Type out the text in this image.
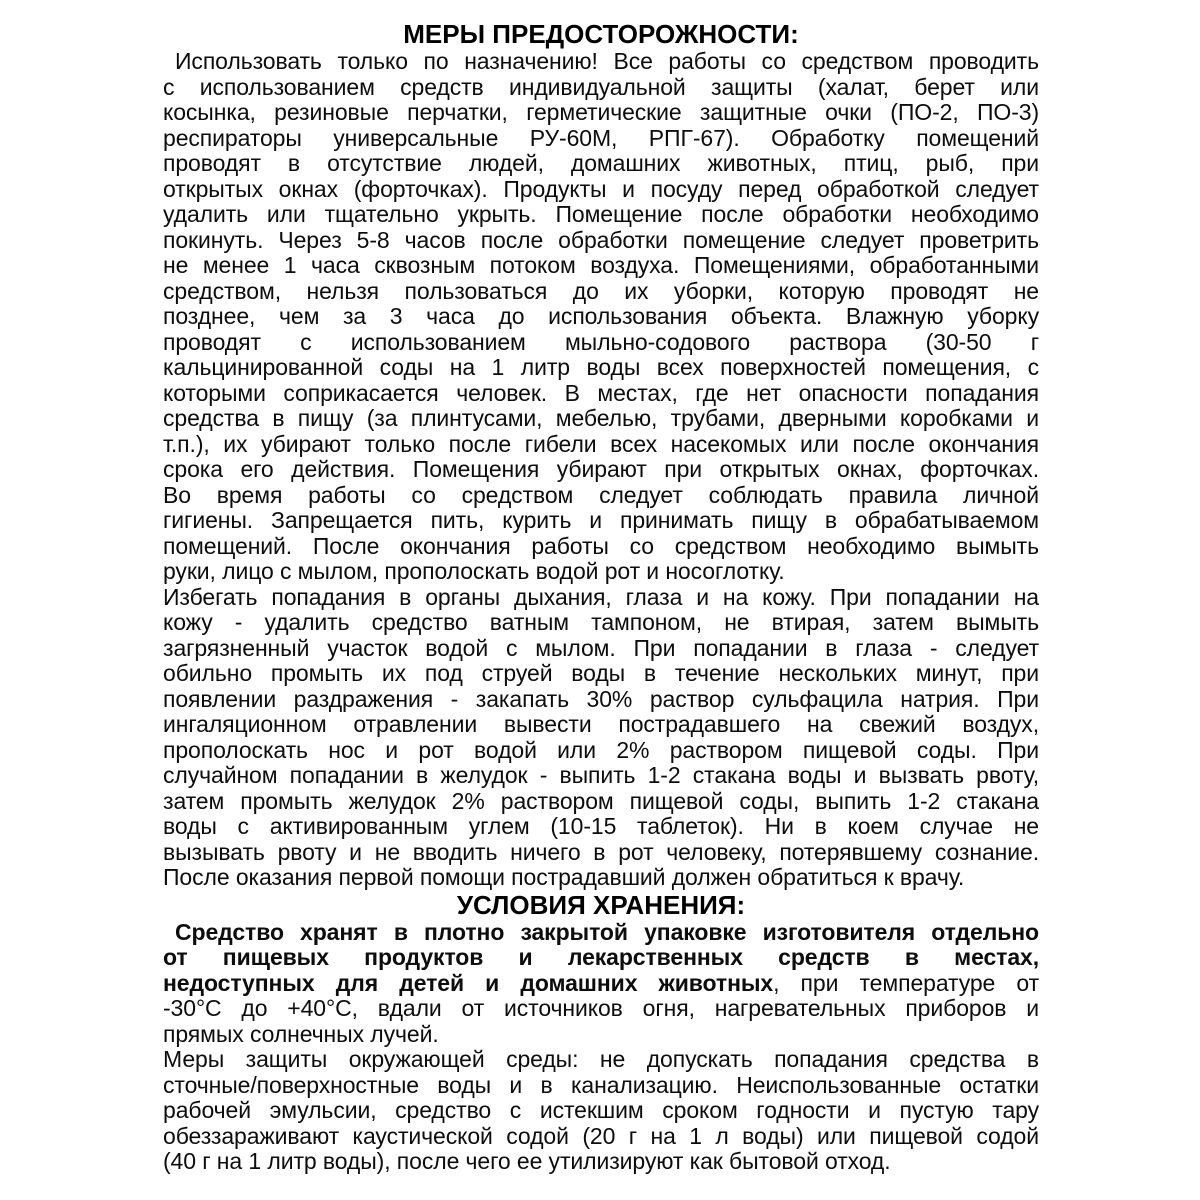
МЕРЫ ПРЕДОСТОРОЖНОСТИ:
Использовать только по назначению! Все работы со средством проводить
с использованием средств индивидуальной защиты (халат, берет или
косынка, резиновые перчатки, герметические защитные очки (ПО-2, ПО-3)
респираторы универсальные РУ-60М, РПГ-67). Обработку помещений
проводят в отсутствие людей, домашних животных, птиц, рыб, при
открытых окнах (форточках). Продукты и посуду перед обработкой следует
удалить или тщательно укрыть. Помещение после обработки необходимо
покинуть. Через 5-8 часов после обработки помещение следует проветрить
не менее 1 часа сквозным потоком воздуха. Помещениями, обработанными
средством, нельзя пользоваться до их уборки, которую проводят не
позднее, чем за 3 часа до использования объекта. Влажную уборку
проводят с использованием мыльно-содового раствора (30-50 г
кальцинированной соды на 1 литр воды всех поверхностей помещения, с
которыми соприкасается человек. В местах, где нет опасности попадания
средства в пищу (за плинтусами, мебелью, трубами, дверными коробками и
т.п.), их убирают только после гибели всех насекомых или после окончания
срока его действия. Помещения убирают при открытых окнах, форточках.
Во время работы со средством следует соблюдать правила личной
гигиены. Запрещается пить, курить и принимать пищу в обрабатываемом
помещений. После окончания работы со средством необходимо вымыть
руки, лицо с мылом, прополоскать водой рот и носоглотку.
Избегать попадания в органы дыхания, глаза и на кожу. При попадании на
кожу - удалить средство ватным тампоном, не втирая, затем вымыть
загрязненный участок водой с мылом. При попадании в глаза - следует
обильно промыть их под струей воды в течение нескольких минут, при
появлении раздражения - закапать 30% раствор сульфацила натрия. При
ингаляционном отравлении вывести пострадавшего на свежий воздух,
прополоскать нос и рот водой или 2% раствором пищевой соды. При
случайном попадании в желудок - выпить 1-2 стакана воды и вызвать рвоту,
затем промыть желудок 2% раствором пищевой соды, выпить 1-2 стакана
воды с активированным углем (10-15 таблеток). Ни в коем случае не
вызывать рвоту и не вводить ничего в рот человеку, потерявшему сознание.
После оказания первой помощи пострадавший должен обратиться к врачу.
УСЛОВИЯ ХРАНЕНИЯ:
Средство хранят в плотно закрытой упаковке изготовителя отдельно
от пищевых продуктов и лекарственных средств в местах,
недоступных для детей и домашних животных, при температуре от
-30°С до +40°С, вдали от источников огня, нагревательных приборов и
прямых солнечных лучей.
Меры защиты окружающей среды: не допускать попадания средства в
сточные/поверхностные воды и в канализацию. Неиспользованные остатки
рабочей эмульсии, средство с истекшим сроком годности и пустую тару
обеззараживают каустической содой (20 г на 1 л воды) или пищевой содой
(40 г на 1 литр воды), после чего ее утилизируют как бытовой отход.
